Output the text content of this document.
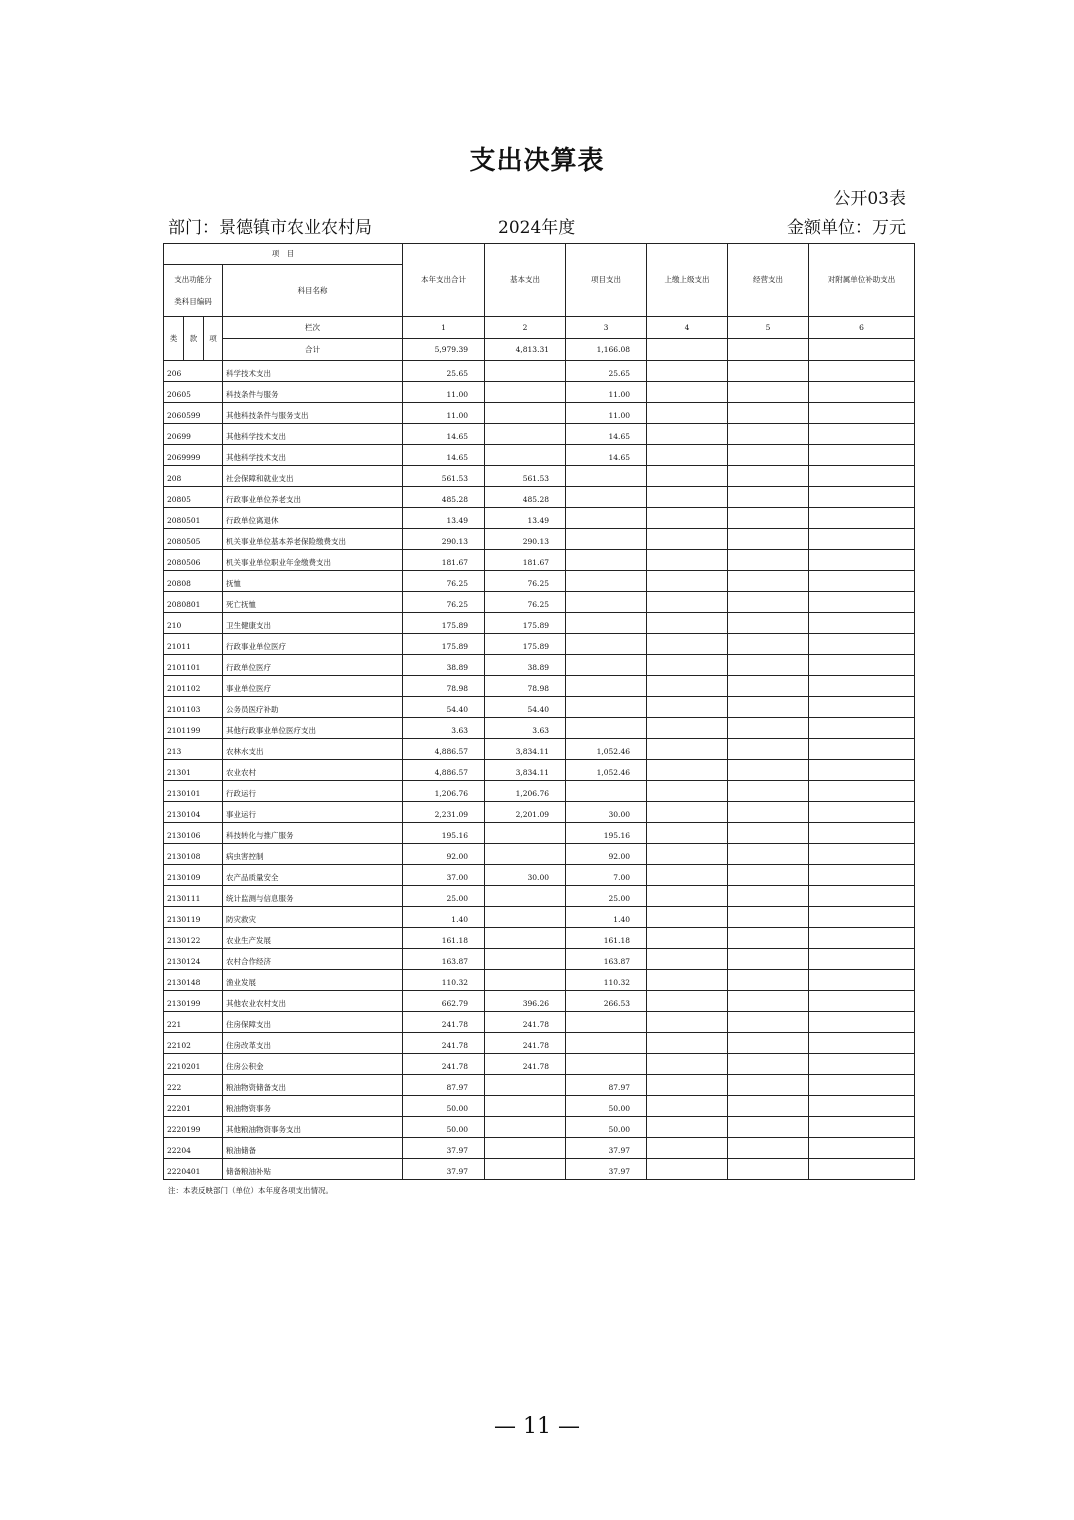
支出决算表
公开03表
部门：景德镇市农业农村局	2024年度	金额单位：万元
项　目				本年支出合计	基本支出	项目支出	上缴上级支出	经营支出	对附属单位补助支出
支出功能分
类科目编码			科目名称						
类	款	项	栏次	1	2	3	4	5	6
			合计	5,979.39	4,813.31	1,166.08			
206			科学技术支出	25.65		25.65			
20605			科技条件与服务	11.00		11.00			
2060599			其他科技条件与服务支出	11.00		11.00			
20699			其他科学技术支出	14.65		14.65			
2069999			其他科学技术支出	14.65		14.65			
208			社会保障和就业支出	561.53	561.53				
20805			行政事业单位养老支出	485.28	485.28				
2080501			行政单位离退休	13.49	13.49				
2080505			机关事业单位基本养老保险缴费支出	290.13	290.13				
2080506			机关事业单位职业年金缴费支出	181.67	181.67				
20808			抚恤	76.25	76.25				
2080801			死亡抚恤	76.25	76.25				
210			卫生健康支出	175.89	175.89				
21011			行政事业单位医疗	175.89	175.89				
2101101			行政单位医疗	38.89	38.89				
2101102			事业单位医疗	78.98	78.98				
2101103			公务员医疗补助	54.40	54.40				
2101199			其他行政事业单位医疗支出	3.63	3.63				
213			农林水支出	4,886.57	3,834.11	1,052.46			
21301			农业农村	4,886.57	3,834.11	1,052.46			
2130101			行政运行	1,206.76	1,206.76				
2130104			事业运行	2,231.09	2,201.09	30.00			
2130106			科技转化与推广服务	195.16		195.16			
2130108			病虫害控制	92.00		92.00			
2130109			农产品质量安全	37.00	30.00	7.00			
2130111			统计监测与信息服务	25.00		25.00			
2130119			防灾救灾	1.40		1.40			
2130122			农业生产发展	161.18		161.18			
2130124			农村合作经济	163.87		163.87			
2130148			渔业发展	110.32		110.32			
2130199			其他农业农村支出	662.79	396.26	266.53			
221			住房保障支出	241.78	241.78				
22102			住房改革支出	241.78	241.78				
2210201			住房公积金	241.78	241.78				
222			粮油物资储备支出	87.97		87.97			
22201			粮油物资事务	50.00		50.00			
2220199			其他粮油物资事务支出	50.00		50.00			
22204			粮油储备	37.97		37.97			
2220401			储备粮油补贴	37.97		37.97			
注：本表反映部门（单位）本年度各项支出情况。
— 11 —
